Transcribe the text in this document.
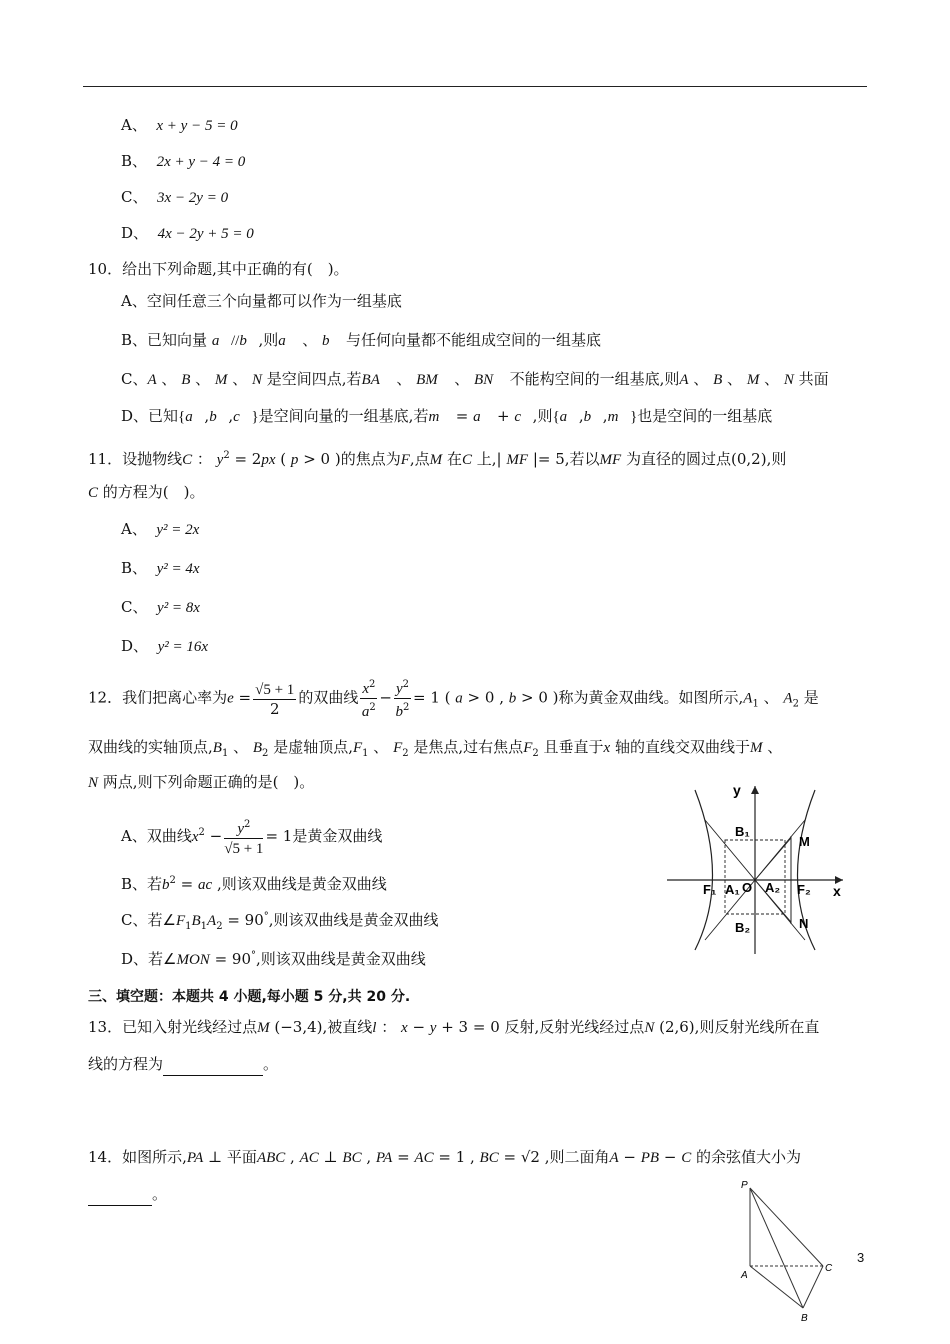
A、 x + y − 5 = 0
B、 2x + y − 4 = 0
C、 3x − 2y = 0
D、 4x − 2y + 5 = 0
10．给出下列命题,其中正确的有(　)。
A、空间任意三个向量都可以作为一组基底
B、已知向量 a⃗//b⃗,则a⃗ 、 b⃗ 与任何向量都不能组成空间的一组基底
C、A 、 B 、 M 、 N 是空间四点,若BA⃗ 、 BM⃗ 、 BN⃗ 不能构空间的一组基底,则A 、 B 、 M 、 N 共面
D、已知{a⃗,b⃗,c⃗}是空间向量的一组基底,若m⃗ = a⃗ + c⃗,则{a⃗,b⃗,m⃗}也是空间的一组基底
11．设抛物线C ： $y^2 = 2px$ ( p > 0 )的焦点为F,点M 在C 上,| MF |= 5,若以MF 为直径的圆过点(0,2),则
C 的方程为(　)。
A、 y² = 2x
B、 y² = 4x
C、 y² = 8x
D、 y² = 16x
12．我们把离心率为$e = \frac{√5 + 1}{2}$ 的双曲线 $\frac{x^2}{a^2} - \frac{y^2}{b^2} = 1$ ( a > 0 , b > 0 )称为黄金双曲线。如图所示$,A_1$ 、 $A_2$ 是
双曲线的实轴顶点$,B_1$ 、 $B_2$ 是虚轴顶点$,F_1$ 、 $F_2$ 是焦点,过右焦点$F_2$ 且垂直于x 轴的直线交双曲线于M 、
N 两点,则下列命题正确的是(　)。
A、双曲线$x^2 - \frac{y^2}{√5 + 1} = 1$是黄金双曲线
B、若$b^2$ = ac ,则该双曲线是黄金双曲线
C、若$\angle F_1B_1A_2 = 90^\circ$,则该双曲线是黄金双曲线
D、若∠MON = 90°,则该双曲线是黄金双曲线
y
x
B₁
B₂
M
N
F₁ A₁ O A₂ F₂
三、填空题：本题共 4 小题,每小题 5 分,共 20 分.
13．已知入射光线经过点M (−3,4),被直线l ： x − y + 3 = 0 反射,反射光线经过点N (2,6),则反射光线所在直
线的方程为	。
14．如图所示,PA ⊥ 平面ABC , AC ⊥ BC , PA = AC = 1 , BC = √2 ,则二面角A − PB − C 的余弦值大小为
。	P
A
C
B
3
